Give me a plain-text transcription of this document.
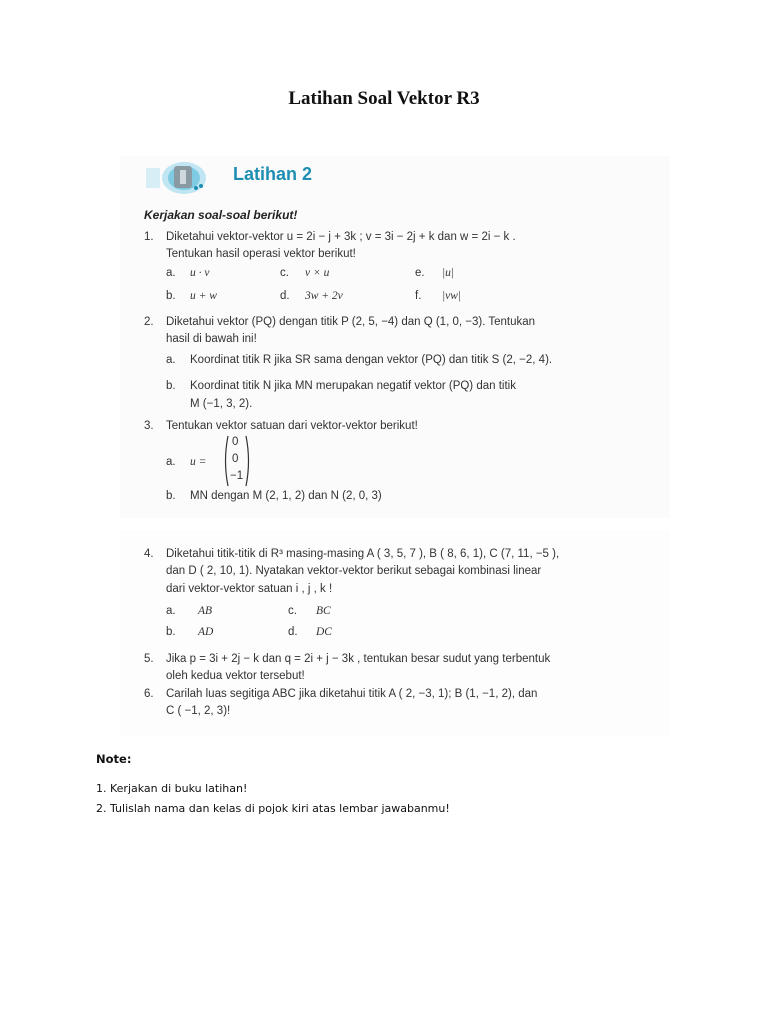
Latihan Soal Vektor R3
Latihan 2
Kerjakan soal-soal berikut!
1. Diketahui vektor-vektor u = 2i − j + 3k ; v = 3i − 2j + k dan w = 2i − k .
Tentukan hasil operasi vektor berikut!
a. u · v	c. v × u	e. |u|
b. u + w	d. 3w + 2v	f. |vw|
2. Diketahui vektor (PQ) dengan titik P (2, 5, −4) dan Q (1, 0, −3). Tentukan
hasil di bawah ini!
a. Koordinat titik R jika SR sama dengan vektor (PQ) dan titik S (2, −2, 4).
b. Koordinat titik N jika MN merupakan negatif vektor (PQ) dan titik
M (−1, 3, 2).
3. Tentukan vektor satuan dari vektor-vektor berikut!
a. u =
0
0
−1
b. MN dengan M (2, 1, 2) dan N (2, 0, 3)
4. Diketahui titik-titik di R³ masing-masing A ( 3, 5, 7 ), B ( 8, 6, 1), C (7, 11, −5 ),
dan D ( 2, 10, 1). Nyatakan vektor-vektor berikut sebagai kombinasi linear
dari vektor-vektor satuan i , j , k !
a. AB	c. BC
b. AD	d. DC
5. Jika p = 3i + 2j − k dan q = 2i + j − 3k , tentukan besar sudut yang terbentuk
oleh kedua vektor tersebut!
6. Carilah luas segitiga ABC jika diketahui titik A ( 2, −3, 1); B (1, −1, 2), dan
C ( −1, 2, 3)!
Note:
1. Kerjakan di buku latihan!
2. Tulislah nama dan kelas di pojok kiri atas lembar jawabanmu!
